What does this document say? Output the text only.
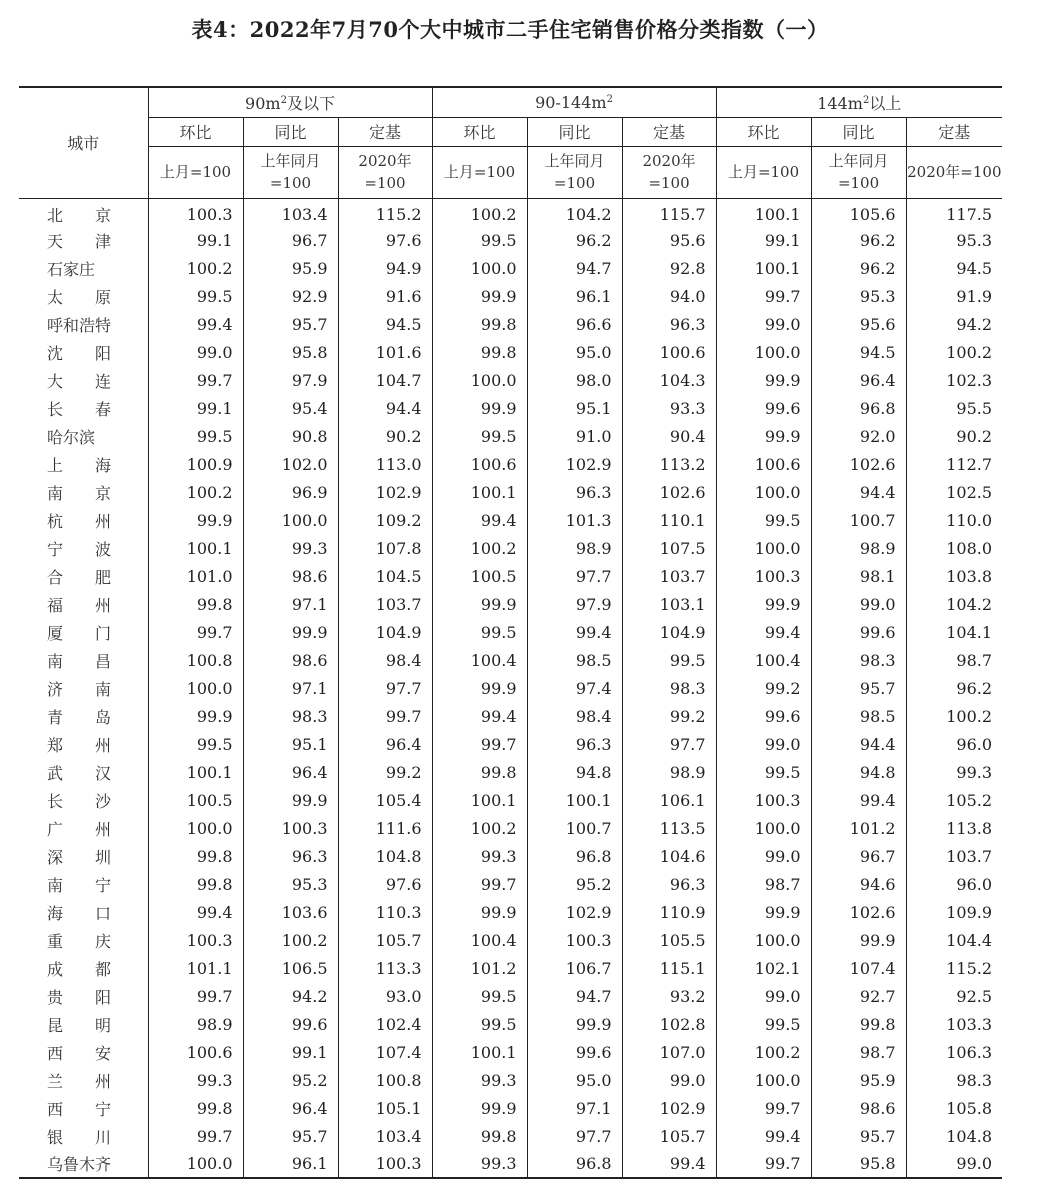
表4：2022年7月70个大中城市二手住宅销售价格分类指数（一）
城市	$90m^2$及以下			$90-144m^2$			$144m^2$以上		
	环比	同比	定基	环比	同比	定基	环比	同比	定基
	上月=100	上年同月=100	2020年=100	上月=100	上年同月=100	2020年=100	上月=100	上年同月=100	2020年=100
北　　京	100.3	103.4	115.2	100.2	104.2	115.7	100.1	105.6	117.5
天　　津	99.1	96.7	97.6	99.5	96.2	95.6	99.1	96.2	95.3
石家庄	100.2	95.9	94.9	100.0	94.7	92.8	100.1	96.2	94.5
太　　原	99.5	92.9	91.6	99.9	96.1	94.0	99.7	95.3	91.9
呼和浩特	99.4	95.7	94.5	99.8	96.6	96.3	99.0	95.6	94.2
沈　　阳	99.0	95.8	101.6	99.8	95.0	100.6	100.0	94.5	100.2
大　　连	99.7	97.9	104.7	100.0	98.0	104.3	99.9	96.4	102.3
长　　春	99.1	95.4	94.4	99.9	95.1	93.3	99.6	96.8	95.5
哈尔滨	99.5	90.8	90.2	99.5	91.0	90.4	99.9	92.0	90.2
上　　海	100.9	102.0	113.0	100.6	102.9	113.2	100.6	102.6	112.7
南　　京	100.2	96.9	102.9	100.1	96.3	102.6	100.0	94.4	102.5
杭　　州	99.9	100.0	109.2	99.4	101.3	110.1	99.5	100.7	110.0
宁　　波	100.1	99.3	107.8	100.2	98.9	107.5	100.0	98.9	108.0
合　　肥	101.0	98.6	104.5	100.5	97.7	103.7	100.3	98.1	103.8
福　　州	99.8	97.1	103.7	99.9	97.9	103.1	99.9	99.0	104.2
厦　　门	99.7	99.9	104.9	99.5	99.4	104.9	99.4	99.6	104.1
南　　昌	100.8	98.6	98.4	100.4	98.5	99.5	100.4	98.3	98.7
济　　南	100.0	97.1	97.7	99.9	97.4	98.3	99.2	95.7	96.2
青　　岛	99.9	98.3	99.7	99.4	98.4	99.2	99.6	98.5	100.2
郑　　州	99.5	95.1	96.4	99.7	96.3	97.7	99.0	94.4	96.0
武　　汉	100.1	96.4	99.2	99.8	94.8	98.9	99.5	94.8	99.3
长　　沙	100.5	99.9	105.4	100.1	100.1	106.1	100.3	99.4	105.2
广　　州	100.0	100.3	111.6	100.2	100.7	113.5	100.0	101.2	113.8
深　　圳	99.8	96.3	104.8	99.3	96.8	104.6	99.0	96.7	103.7
南　　宁	99.8	95.3	97.6	99.7	95.2	96.3	98.7	94.6	96.0
海　　口	99.4	103.6	110.3	99.9	102.9	110.9	99.9	102.6	109.9
重　　庆	100.3	100.2	105.7	100.4	100.3	105.5	100.0	99.9	104.4
成　　都	101.1	106.5	113.3	101.2	106.7	115.1	102.1	107.4	115.2
贵　　阳	99.7	94.2	93.0	99.5	94.7	93.2	99.0	92.7	92.5
昆　　明	98.9	99.6	102.4	99.5	99.9	102.8	99.5	99.8	103.3
西　　安	100.6	99.1	107.4	100.1	99.6	107.0	100.2	98.7	106.3
兰　　州	99.3	95.2	100.8	99.3	95.0	99.0	100.0	95.9	98.3
西　　宁	99.8	96.4	105.1	99.9	97.1	102.9	99.7	98.6	105.8
银　　川	99.7	95.7	103.4	99.8	97.7	105.7	99.4	95.7	104.8
乌鲁木齐	100.0	96.1	100.3	99.3	96.8	99.4	99.7	95.8	99.0
